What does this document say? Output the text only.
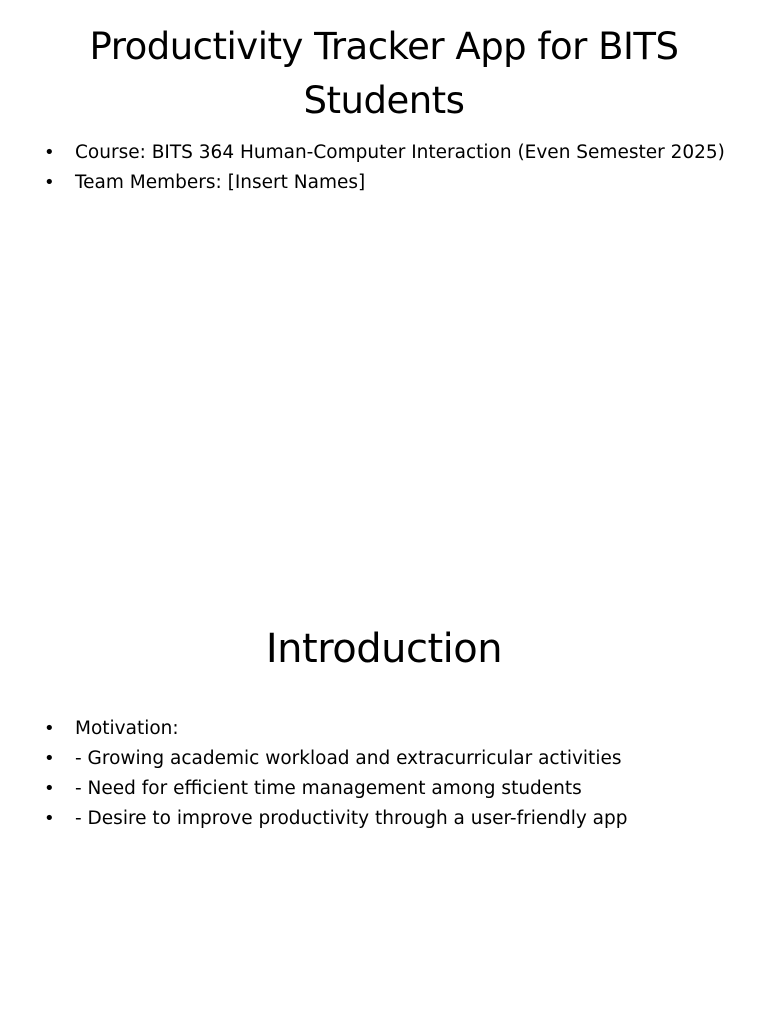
Productivity Tracker App for BITS Students
• Course: BITS 364 Human-Computer Interaction (Even Semester 2025)
• Team Members: [Insert Names]
Introduction
• Motivation:
• - Growing academic workload and extracurricular activities
• - Need for efficient time management among students
• - Desire to improve productivity through a user-friendly app
